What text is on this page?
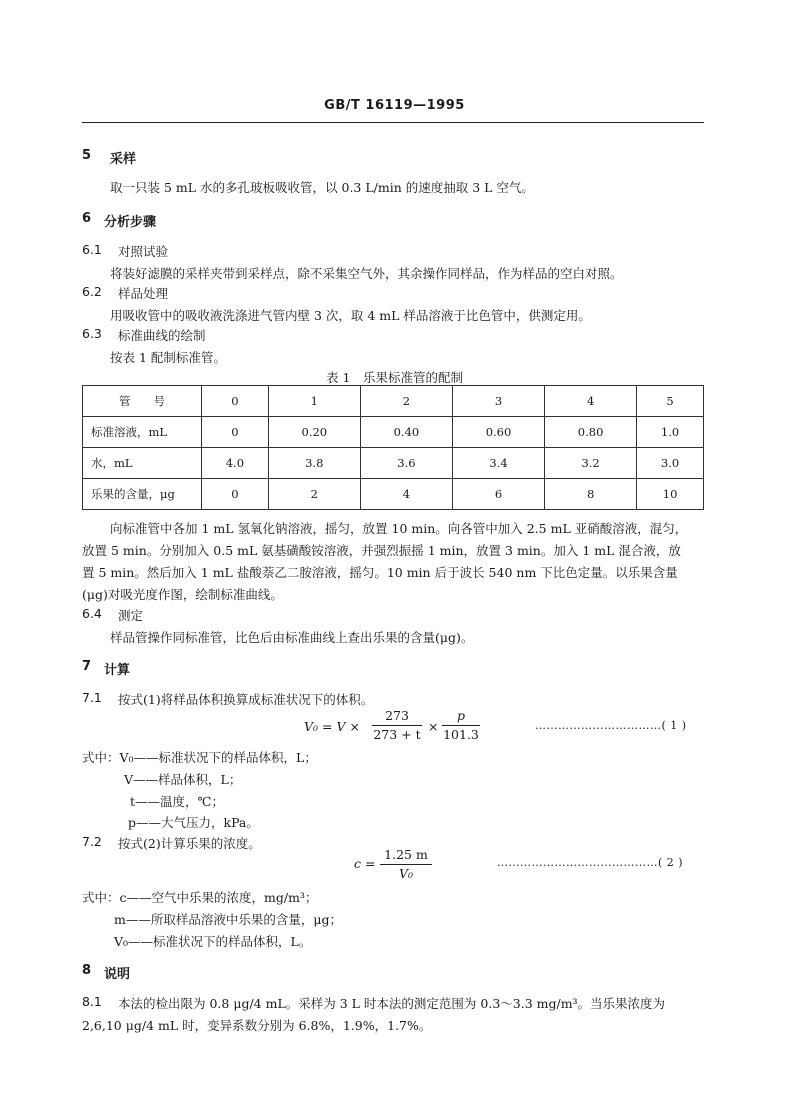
GB/T 16119—1995
5 采样
取一只装 5 mL 水的多孔玻板吸收管，以 0.3 L/min 的速度抽取 3 L 空气。
6 分析步骤
6.1 对照试验
将装好滤膜的采样夹带到采样点，除不采集空气外，其余操作同样品，作为样品的空白对照。
6.2 样品处理
用吸收管中的吸收液洗涤进气管内壁 3 次，取 4 mL 样品溶液于比色管中，供测定用。
6.3 标准曲线的绘制
按表 1 配制标准管。
表 1　乐果标准管的配制
管　　号	0	1	2	3	4	5
标准溶液，mL	0	0.20	0.40	0.60	0.80	1.0
水，mL	4.0	3.8	3.6	3.4	3.2	3.0
乐果的含量，μg	0	2	4	6	8	10
向标准管中各加 1 mL 氢氧化钠溶液，摇匀，放置 10 min。向各管中加入 2.5 mL 亚硝酸溶液，混匀，
放置 5 min。分别加入 0.5 mL 氨基磺酸铵溶液，并强烈振摇 1 min，放置 3 min。加入 1 mL 混合液，放
置 5 min。然后加入 1 mL 盐酸萘乙二胺溶液，摇匀。10 min 后于波长 540 nm 下比色定量。以乐果含量
(μg)对吸光度作图，绘制标准曲线。
6.4 测定
样品管操作同标准管，比色后由标准曲线上查出乐果的含量(μg)。
7 计算
7.1 按式(1)将样品体积换算成标准状况下的体积。
V₀ = V ×
273
273 + t
×
p
101.3
……………………………( 1 )
式中：V₀——标准状况下的样品体积，L；
V——样品体积，L；
t——温度，℃；
p——大气压力，kPa。
7.2 按式(2)计算乐果的浓度。
c =
1.25 m
V₀
……………………………………( 2 )
式中：c——空气中乐果的浓度，mg/m³；
m——所取样品溶液中乐果的含量，μg；
V₀——标准状况下的样品体积，L。
8 说明
8.1 本法的检出限为 0.8 μg/4 mL。采样为 3 L 时本法的测定范围为 0.3～3.3 mg/m³。当乐果浓度为
2,6,10 μg/4 mL 时，变异系数分别为 6.8%，1.9%，1.7%。
